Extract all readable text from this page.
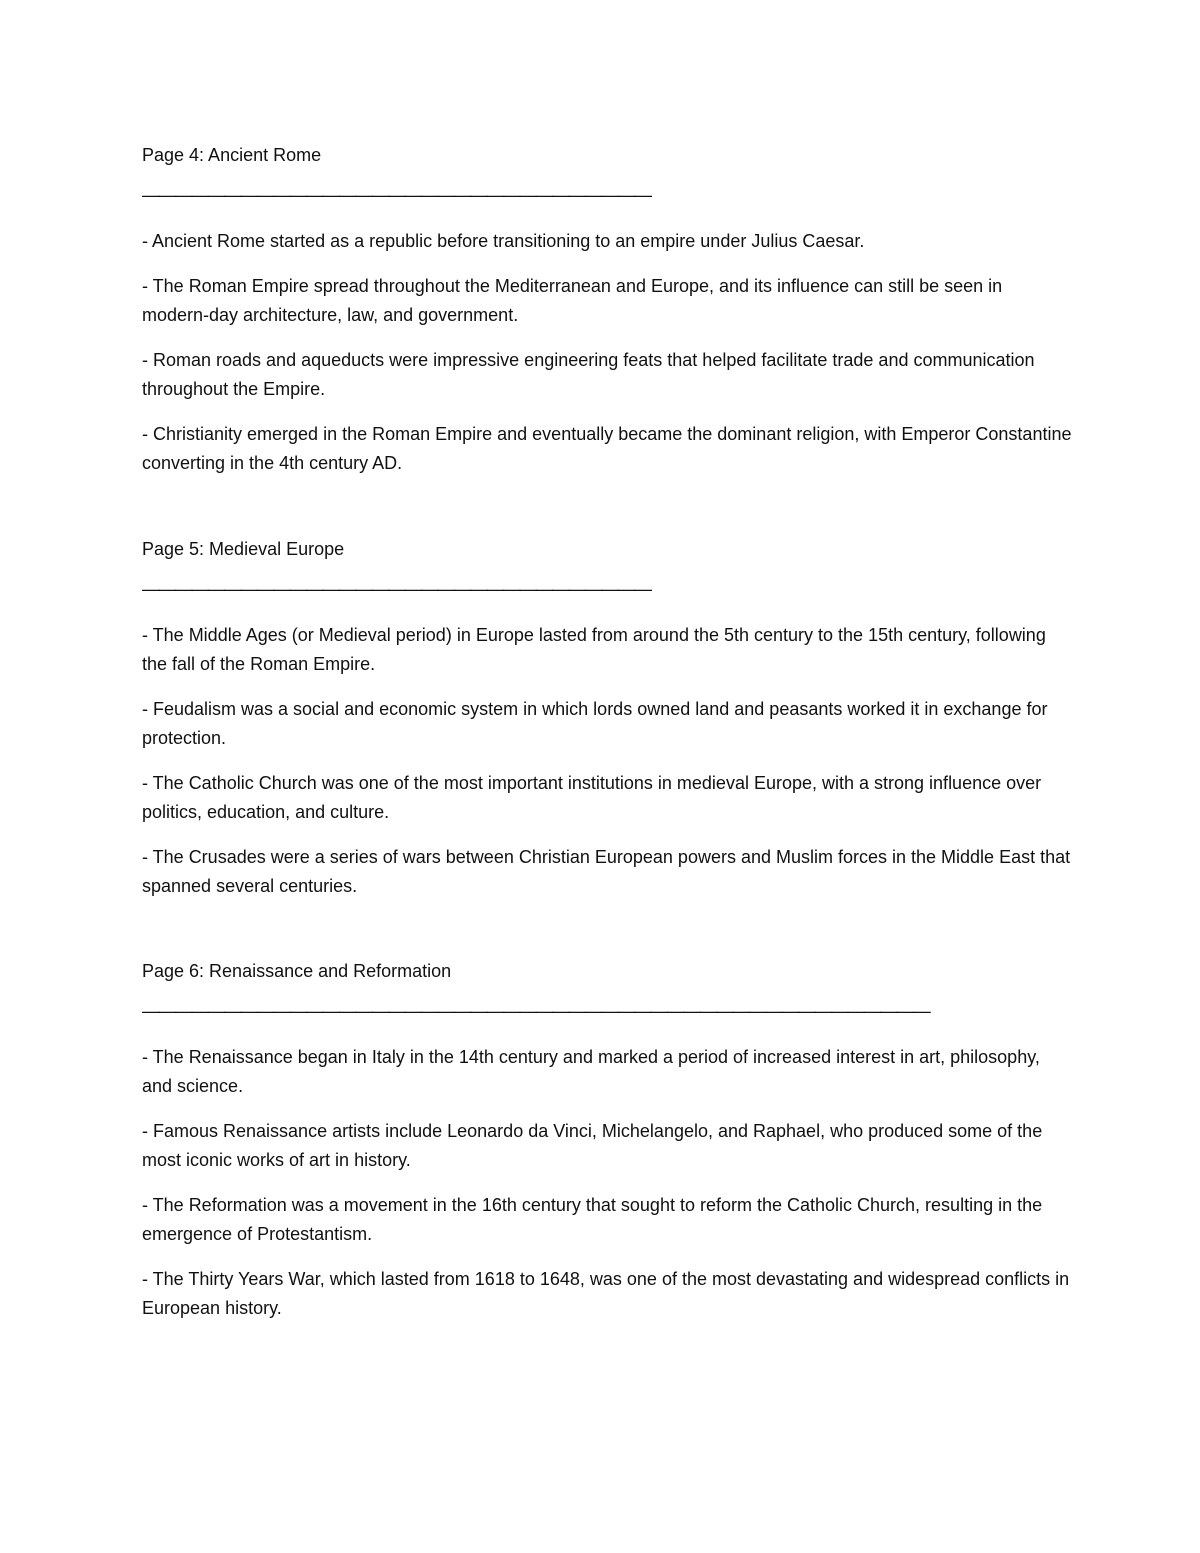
Page 4: Ancient Rome
———————————————————————————————
- Ancient Rome started as a republic before transitioning to an empire under Julius Caesar.
- The Roman Empire spread throughout the Mediterranean and Europe, and its influence can still be seen in modern-day architecture, law, and government.
- Roman roads and aqueducts were impressive engineering feats that helped facilitate trade and communication throughout the Empire.
- Christianity emerged in the Roman Empire and eventually became the dominant religion, with Emperor Constantine converting in the 4th century AD.
Page 5: Medieval Europe
———————————————————————————————
- The Middle Ages (or Medieval period) in Europe lasted from around the 5th century to the 15th century, following the fall of the Roman Empire.
- Feudalism was a social and economic system in which lords owned land and peasants worked it in exchange for protection.
- The Catholic Church was one of the most important institutions in medieval Europe, with a strong influence over politics, education, and culture.
- The Crusades were a series of wars between Christian European powers and Muslim forces in the Middle East that spanned several centuries.
Page 6: Renaissance and Reformation
————————————————————————————————————————————————
- The Renaissance began in Italy in the 14th century and marked a period of increased interest in art, philosophy, and science.
- Famous Renaissance artists include Leonardo da Vinci, Michelangelo, and Raphael, who produced some of the most iconic works of art in history.
- The Reformation was a movement in the 16th century that sought to reform the Catholic Church, resulting in the emergence of Protestantism.
- The Thirty Years War, which lasted from 1618 to 1648, was one of the most devastating and widespread conflicts in European history.
